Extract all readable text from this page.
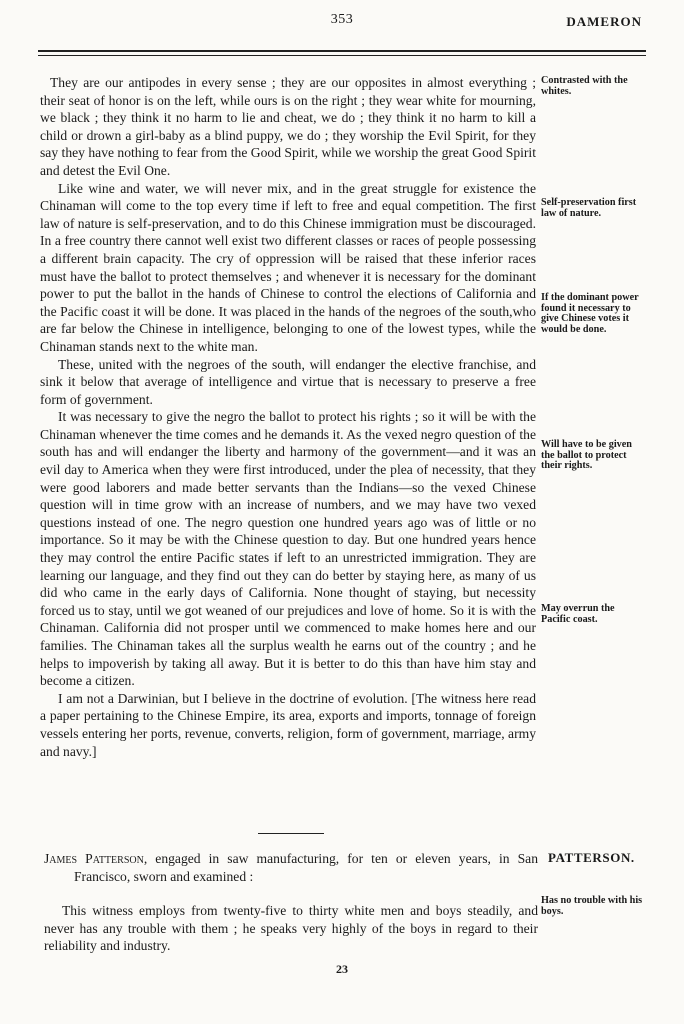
353	DAMERON

They are our antipodes in every sense ; they are our opposites in almost everything ; their seat of honor is on the left, while ours is on the right ; they wear white for mourning, we black ; they think it no harm to lie and cheat, we do ; they think it no harm to kill a child or drown a girl-baby as a blind puppy, we do ; they worship the Evil Spirit, for they say they have nothing to fear from the Good Spirit, while we worship the great Good Spirit and detest the Evil One.

Like wine and water, we will never mix, and in the great struggle for existence the Chinaman will come to the top every time if left to free and equal competition. The first law of nature is self-preservation, and to do this Chinese immigration must be discouraged. In a free country there cannot well exist two different classes or races of people possessing a different brain capacity. The cry of oppression will be raised that these inferior races must have the ballot to protect themselves ; and whenever it is necessary for the dominant power to put the ballot in the hands of Chinese to control the elections of California and the Pacific coast it will be done. It was placed in the hands of the negroes of the south,who are far below the Chinese in intelligence, belonging to one of the lowest types, while the Chinaman stands next to the white man.

These, united with the negroes of the south, will endanger the elective franchise, and sink it below that average of intelligence and virtue that is necessary to preserve a free form of government.

It was necessary to give the negro the ballot to protect his rights ; so it will be with the Chinaman whenever the time comes and he demands it. As the vexed negro question of the south has and will endanger the liberty and harmony of the government—and it was an evil day to America when they were first introduced, under the plea of necessity, that they were good laborers and made better servants than the Indians—so the vexed Chinese question will in time grow with an increase of numbers, and we may have two vexed questions instead of one. The negro question one hundred years ago was of little or no importance. So it may be with the Chinese question to day. But one hundred years hence they may control the entire Pacific states if left to an unrestricted immigration. They are learning our language, and they find out they can do better by staying here, as many of us did who came in the early days of California. None thought of staying, but necessity forced us to stay, until we got weaned of our prejudices and love of home. So it is with the Chinaman. California did not prosper until we commenced to make homes here and our families. The Chinaman takes all the surplus wealth he earns out of the country ; and he helps to impoverish by taking all away. But it is better to do this than have him stay and become a citizen.

I am not a Darwinian, but I believe in the doctrine of evolution. [The witness here read a paper pertaining to the Chinese Empire, its area, exports and imports, tonnage of foreign vessels entering her ports, revenue, converts, religion, form of government, marriage, army and navy.]

Contrasted with the whites.
Self-preservation first law of nature.
If the dominant power found it necessary to give Chinese votes it would be done.
Will have to be given the ballot to protect their rights.
May overrun the Pacific coast.
Has no trouble with his boys.
James Patterson, engaged in saw manufacturing, for ten or eleven years, in San Francisco, sworn and examined :
PATTERSON.
This witness employs from twenty-five to thirty white men and boys steadily, and never has any trouble with them ; he speaks very highly of the boys in regard to their reliability and industry.
23
